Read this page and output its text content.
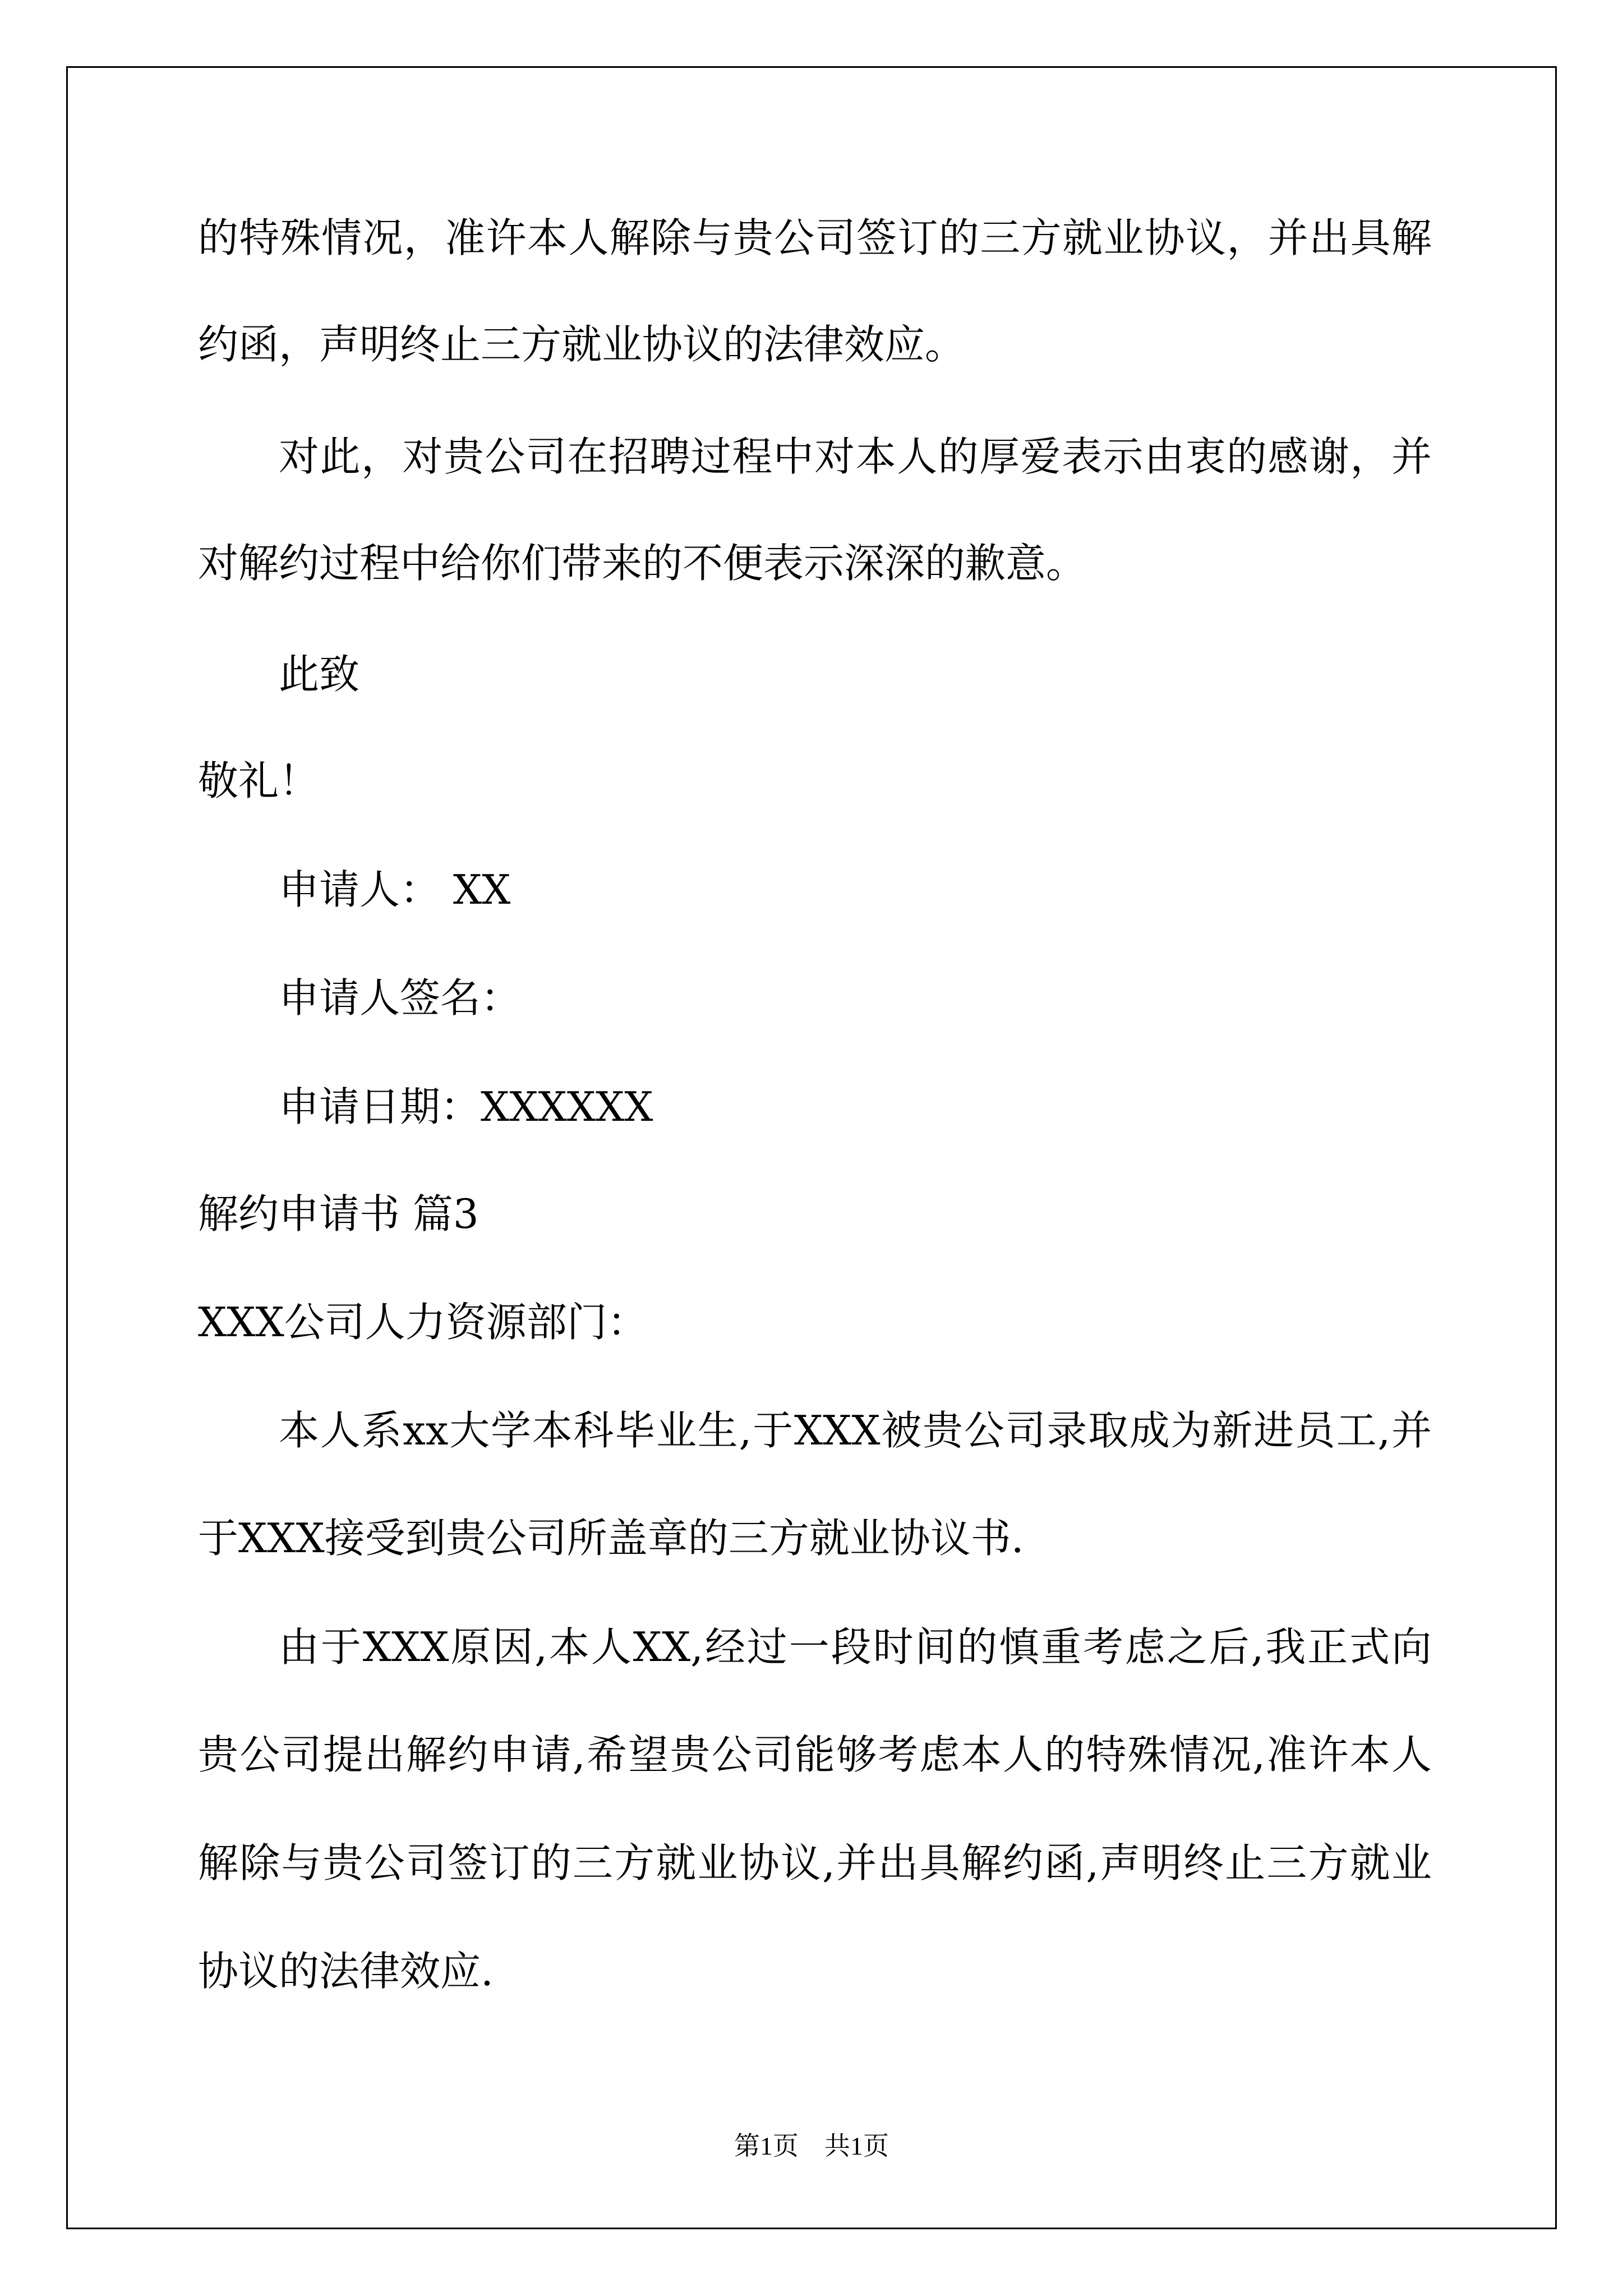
的特殊情况，准许本人解除与贵公司签订的三方就业协议，并出具解
约函，声明终止三方就业协议的法律效应。
对此，对贵公司在招聘过程中对本人的厚爱表示由衷的感谢，并
对解约过程中给你们带来的不便表示深深的歉意。
此致
敬礼！
申请人： XX
申请人签名：
申请日期：XXXXXX
解约申请书 篇3
XXX公司人力资源部门：
本人系xx大学本科毕业生,于XXX被贵公司录取成为新进员工,并
于XXX接受到贵公司所盖章的三方就业协议书.
由于XXX原因,本人XX,经过一段时间的慎重考虑之后,我正式向
贵公司提出解约申请,希望贵公司能够考虑本人的特殊情况,准许本人
解除与贵公司签订的三方就业协议,并出具解约函,声明终止三方就业
协议的法律效应.
第1页　共1页
